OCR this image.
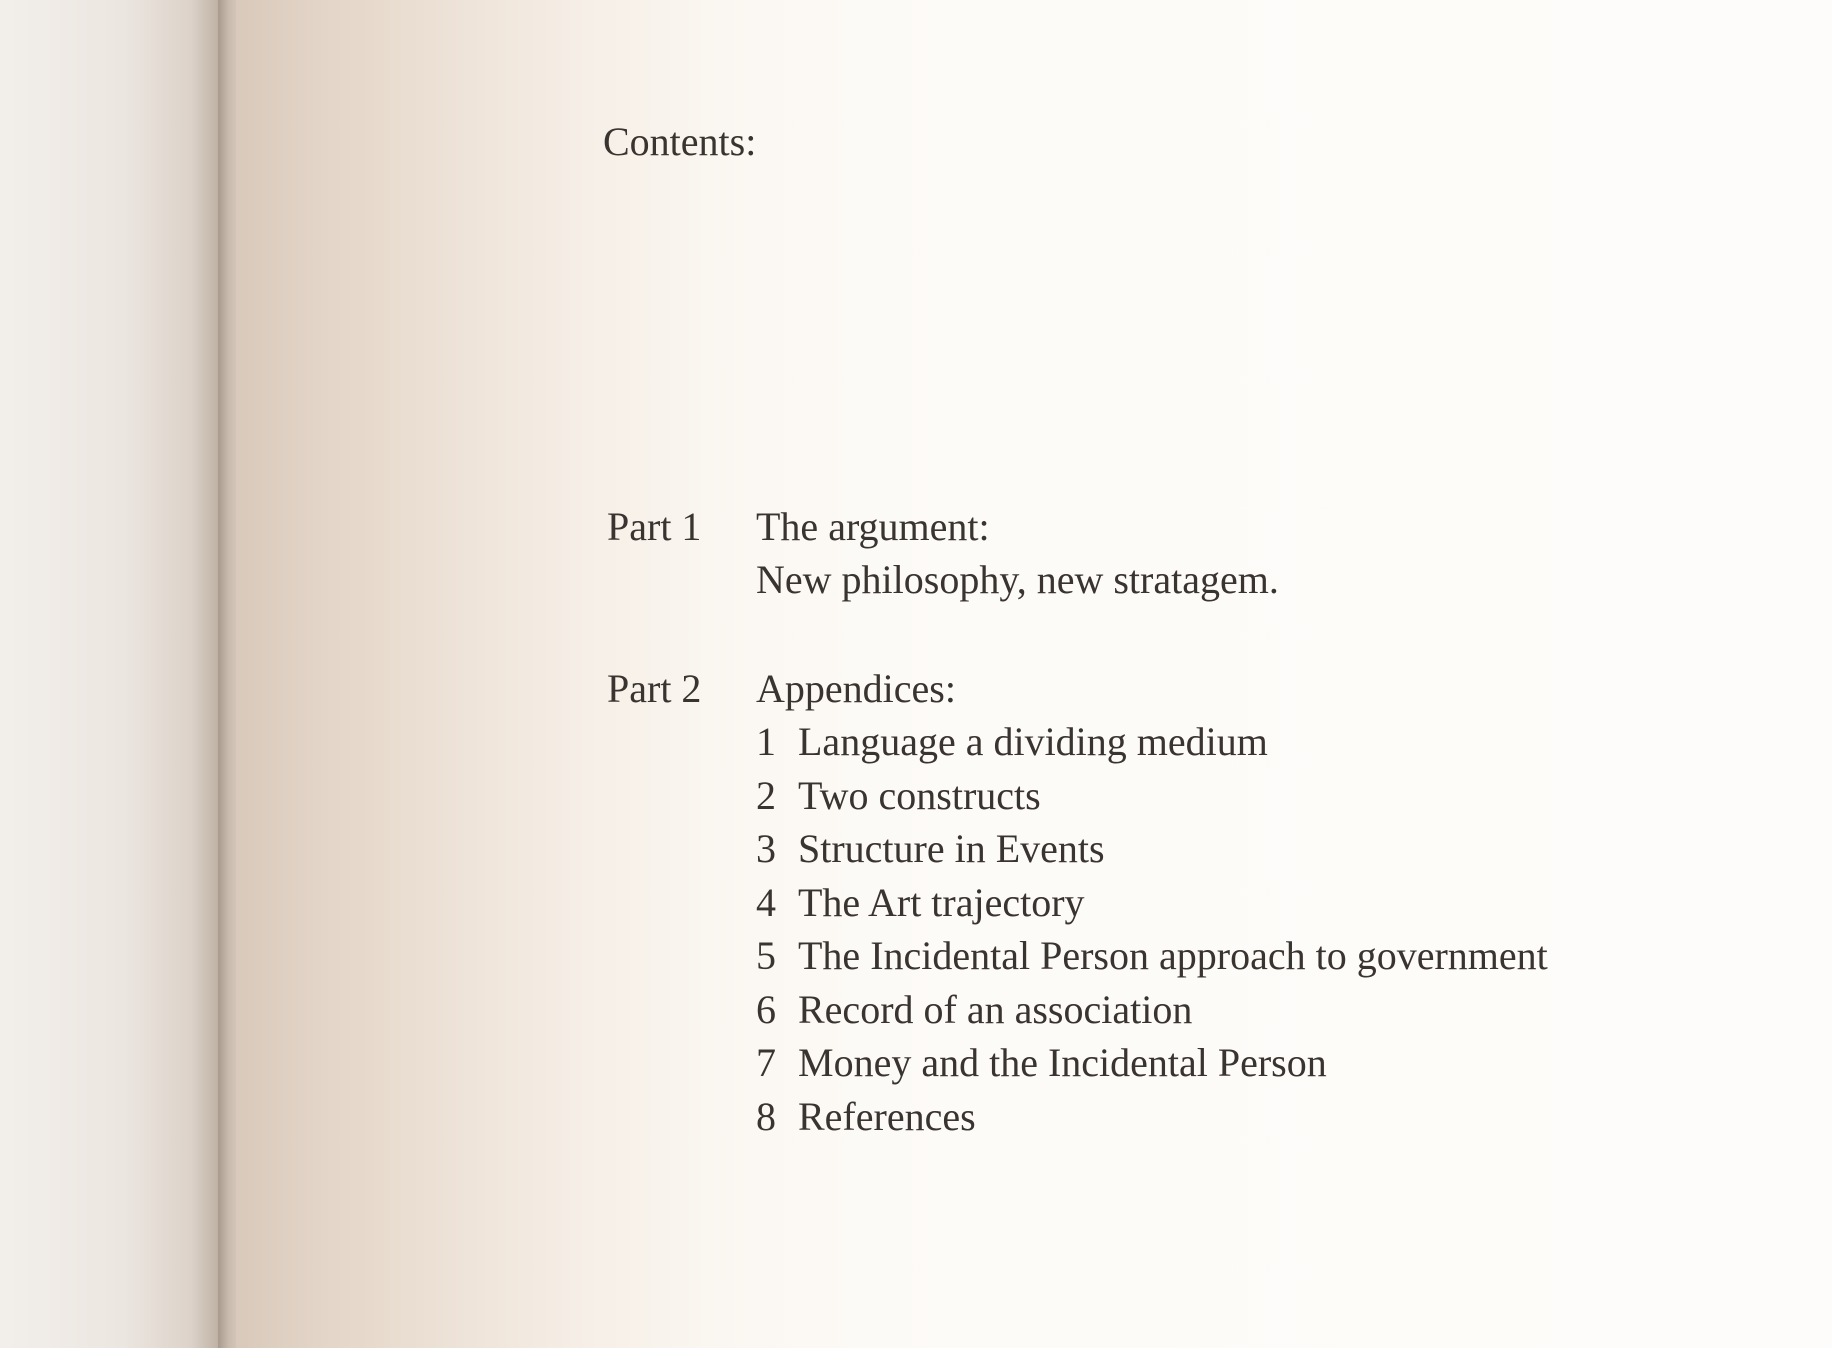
Contents:
Part 1 The argument:
New philosophy, new stratagem.
Part 2 Appendices:
1 Language a dividing medium
2 Two constructs
3 Structure in Events
4 The Art trajectory
5 The Incidental Person approach to government
6 Record of an association
7 Money and the Incidental Person
8 References
